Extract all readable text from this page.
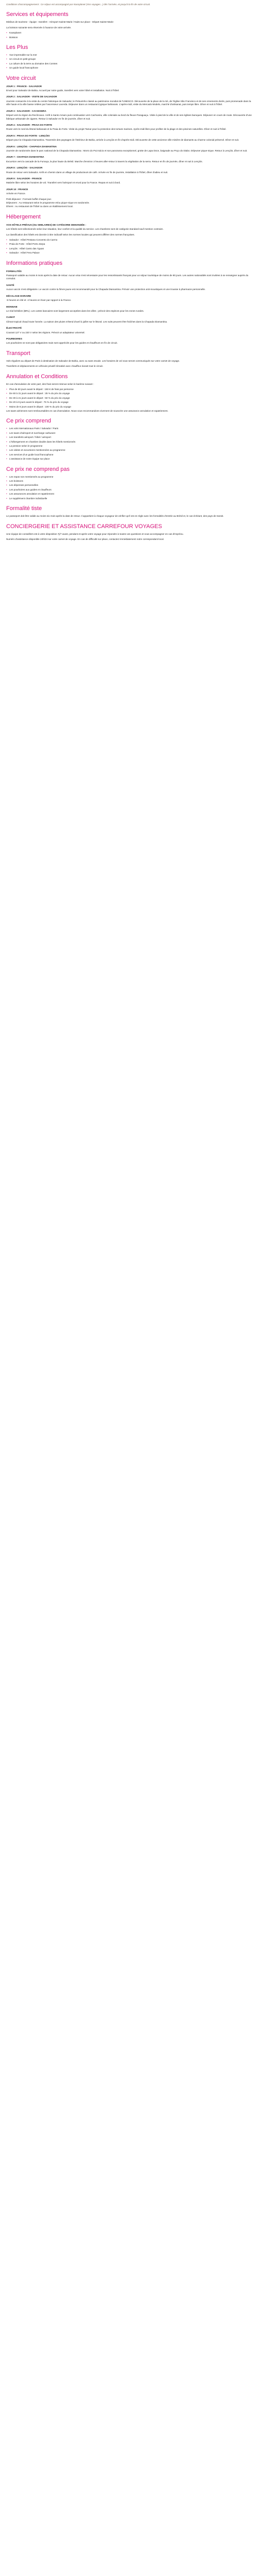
Conditions d'accompagnement : Ce séjour est accompagné par Kaosplanet (Vos voyages...) dès l'arrivée, et jusqu'à la fin de votre circuit.

Services et équipements

Minibus de tourisme - équipe : transfert - Aéroport Sainte-Marie / Nuits sur place - Départ Sainte-Marie

La boisson suivante sera réservée à l'avance de votre arrivée.

• Kaosplanet
• Boisson
Les Plus
• Vue imprenable sur la mer
• Un circuit en petit groupe
• La culture de la terre au domaine des Comtes
• Un guide local francophone
Votre circuit
JOUR 1 : FRANCE - SALVADOR

Envol pour Salvador de Bahia. Accueil par notre guide, transfert vers votre hôtel et installation. Nuit à l'hôtel.

JOUR 2 : SALVADOR - VISITE DE SALVADOR

Journée consacrée à la visite du centre historique de Salvador, le Pelourinho classé au patrimoine mondial de l'UNESCO. Découverte de la place de la Sé, de l'église São Francisco et de ses ornements dorés, puis promenade dans la ville haute et la ville basse reliées par l'ascenseur Lacerda. Déjeuner dans un restaurant typique bahianais. L'après-midi, visite du Mercado Modelo, marché d'artisanat, puis temps libre. Dîner et nuit à l'hôtel.

JOUR 3 : SALVADOR - CACHOEIRA

Départ vers la région du Recôncavo. Arrêt à Santo Amaro puis continuation vers Cachoeira, ville coloniale au bord du fleuve Paraguaçu. Visite à pied de la ville et de ses églises baroques. Déjeuner en cours de route. Découverte d'une fabrique artisanale de cigares. Retour à Salvador en fin de journée, dîner et nuit.

JOUR 4 : SALVADOR - PRAIA DO FORTE

Route vers le nord du littoral bahianais et la Praia do Forte. Visite du projet Tamar pour la protection des tortues marines. Après-midi libre pour profiter de la plage et des piscines naturelles. Dîner et nuit à l'hôtel.

JOUR 5 : PRAIA DO FORTE - LENÇÓIS

Départ pour la Chapada Diamantina. Traversée des paysages de l'intérieur de Bahia, arrivée à Lençóis en fin d'après-midi. Découverte de cette ancienne ville minière de diamants au charme colonial préservé. Dîner et nuit.

JOUR 6 : LENÇÓIS - CHAPADA DIAMANTINA

Journée de randonnée dans le parc national de la Chapada Diamantina : Morro do Pai Inácio et son panorama exceptionnel, grotte de Lapa Doce, baignade au Poço do Diabo. Déjeuner pique-nique. Retour à Lençóis, dîner et nuit.

JOUR 7 : CHAPADA DIAMANTINA

Excursion vers la cascade de la Fumaça, la plus haute du Brésil. Marche d'environ 3 heures aller-retour à travers la végétation de la serra. Retour en fin de journée, dîner et nuit à Lençóis.

JOUR 8 : LENÇÓIS - SALVADOR

Route de retour vers Salvador. Arrêt en chemin dans un village de producteurs de café. Arrivée en fin de journée, installation à l'hôtel, dîner d'adieu et nuit.

JOUR 9 : SALVADOR - FRANCE

Matinée libre selon les horaires de vol. Transfert vers l'aéroport et envol pour la France. Repas et nuit à bord.

JOUR 10 : FRANCE

Arrivée en France.

Petit déjeuner : Formule buffet chaque jour.
Déjeuners : Au restaurant selon le programme et/ou pique-nique en randonnée.
Dîners : Au restaurant de l'hôtel ou dans un établissement local.
Hébergement
VOS HÔTELS PRÉVUS (OU SIMILAIRES) DE CATÉGORIE DEMANDÉE :

Les hôtels sont sélectionnés selon leur situation, leur confort et la qualité du service. Les chambres sont de catégorie standard sauf mention contraire.

La classification des hôtels est donnée à titre indicatif selon les normes locales qui peuvent différer des normes françaises.

• Salvador : Hôtel Pestana Convento do Carmo
• Praia do Forte : Hôtel Porto Zarpa
• Lençóis : Hôtel Canto das Águas
• Salvador : Hôtel Fera Palace
Informations pratiques
FORMALITÉS

Passeport valable au moins 6 mois après la date de retour. Aucun visa n'est nécessaire pour les ressortissants français pour un séjour touristique de moins de 90 jours. Les autres nationalités sont invitées à se renseigner auprès du consulat.

SANTÉ

Aucun vaccin n'est obligatoire. Le vaccin contre la fièvre jaune est recommandé pour la Chapada Diamantina. Prévoir une protection anti-moustiques et une trousse à pharmacie personnelle.

DÉCALAGE HORAIRE

-5 heures en été et -4 heures en hiver par rapport à la France.

MONNAIE

Le réal brésilien (BRL). Les cartes bancaires sont largement acceptées dans les villes ; prévoir des espèces pour les zones rurales.

CLIMAT

Climat tropical chaud toute l'année. La saison des pluies s'étend d'avril à juillet sur le littoral. Les nuits peuvent être fraîches dans la Chapada Diamantina.

ÉLECTRICITÉ

Courant 127 V ou 220 V selon les régions. Prévoir un adaptateur universel.

POURBOIRES

Les pourboires ne sont pas obligatoires mais sont appréciés pour les guides et chauffeurs en fin de circuit.

Transport

Vols réguliers au départ de Paris à destination de Salvador de Bahia, avec ou sans escale. Les horaires de vol vous seront communiqués sur votre carnet de voyage.

Transferts et déplacements en véhicule privatif climatisé avec chauffeur durant tout le circuit.

Annulation et Conditions

En cas d'annulation de votre part, des frais seront retenus selon le barème suivant :

• Plus de 60 jours avant le départ : 150 € de frais par personne
• De 60 à 31 jours avant le départ : 25 % du prix du voyage
• De 30 à 21 jours avant le départ : 50 % du prix du voyage
• De 20 à 8 jours avant le départ : 75 % du prix du voyage
• Moins de 8 jours avant le départ : 100 % du prix du voyage

Les taxes aériennes sont remboursables en cas d'annulation. Nous vous recommandons vivement de souscrire une assurance annulation et rapatriement.

Ce prix comprend
• Les vols internationaux Paris / Salvador / Paris
• Les taxes d'aéroport et surcharge carburant
• Les transferts aéroport / hôtel / aéroport
• L'hébergement en chambre double dans les hôtels mentionnés
• La pension selon le programme
• Les visites et excursions mentionnées au programme
• Les services d'un guide local francophone
• L'assistance de notre équipe sur place
Ce prix ne comprend pas
• Les repas non mentionnés au programme
• Les boissons
• Les dépenses personnelles
• Les pourboires aux guides et chauffeurs
• Les assurances annulation et rapatriement
• Le supplément chambre individuelle
Formalité tiste

Le passeport doit être valide au moins six mois après la date de retour. Il appartient à chaque voyageur de vérifier qu'il est en règle avec les formalités d'entrée au Brésil et, le cas échéant, des pays de transit.

CONCIERGERIE ET ASSISTANCE CARREFOUR VOYAGES

Une équipe de conseillers est à votre disposition 7j/7 avant, pendant et après votre voyage pour répondre à toutes vos questions et vous accompagner en cas d'imprévu.

Numéro d'assistance disponible 24h/24 sur votre carnet de voyage. En cas de difficulté sur place, contactez immédiatement notre correspondant local.
